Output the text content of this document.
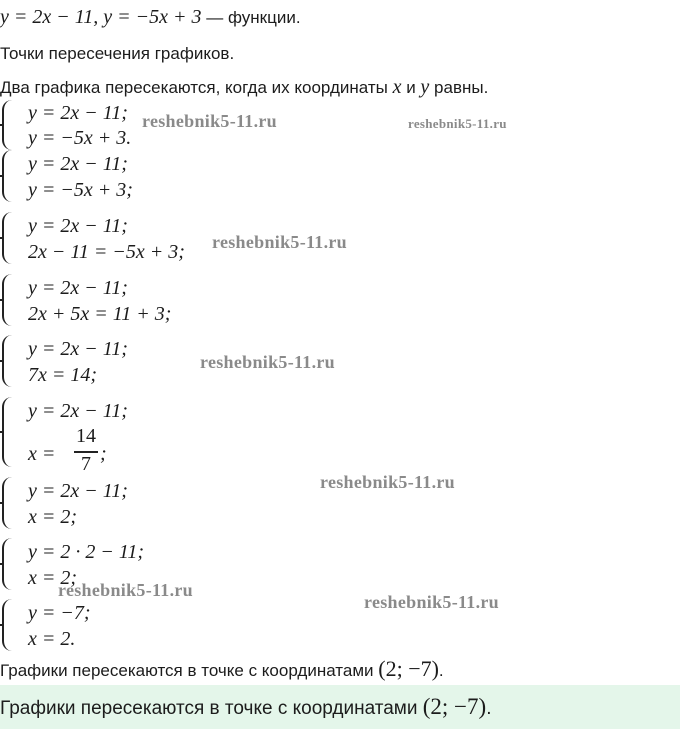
y = 2x − 11, y = −5x + 3 — функции.
Точки пересечения графиков.
Два графика пересекаются, когда их координаты x и y равны.
y = 2x − 11;
y = −5x + 3.
y = 2x − 11;
y = −5x + 3;
y = 2x − 11;
2x − 11 = −5x + 3;
y = 2x − 11;
2x + 5x = 11 + 3;
y = 2x − 11;
7x = 14;
y = 2x − 11;
x =
14
7 ;
y = 2x − 11;
x = 2;
y = 2 · 2 − 11;
x = 2;
y = −7;
x = 2.
Графики пересекаются в точке с координатами (2; −7).
Графики пересекаются в точке с координатами (2; −7).
reshebnik5-11.ru	reshebnik5-11.ru
reshebnik5-11.ru
reshebnik5-11.ru
reshebnik5-11.ru
reshebnik5-11.ru
reshebnik5-11.ru
